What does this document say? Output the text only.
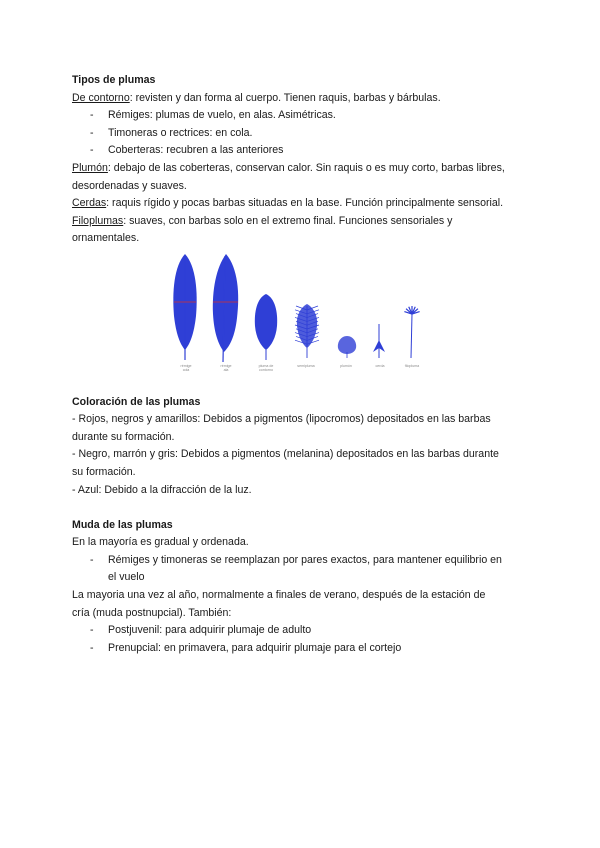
Tipos de plumas
De contorno: revisten y dan forma al cuerpo. Tienen raquis, barbas y bárbulas.
- Rémiges: plumas de vuelo, en alas. Asimétricas.
- Timoneras o rectrices: en cola.
- Coberteras: recubren a las anteriores
Plumón: debajo de las coberteras, conservan calor. Sin raquis o es muy corto, barbas libres,
desordenadas y suaves.
Cerdas: raquis rígido y pocas barbas situadas en la base. Función principalmente sensorial.
Filoplumas: suaves, con barbas solo en el extremo final. Funciones sensoriales y
ornamentales.
rémige
cola
rémige
ala
pluma de
contorno
semipluma	plumón	cerda	filopluma
Coloración de las plumas
- Rojos, negros y amarillos: Debidos a pigmentos (lipocromos) depositados en las barbas
durante su formación.
- Negro, marrón y gris: Debidos a pigmentos (melanina) depositados en las barbas durante
su formación.
- Azul: Debido a la difracción de la luz.
Muda de las plumas
En la mayoría es gradual y ordenada.
- Rémiges y timoneras se reemplazan por pares exactos, para mantener equilibrio en
el vuelo
La mayoria una vez al año, normalmente a finales de verano, después de la estación de
cría (muda postnupcial). También:
- Postjuvenil: para adquirir plumaje de adulto
- Prenupcial: en primavera, para adquirir plumaje para el cortejo
